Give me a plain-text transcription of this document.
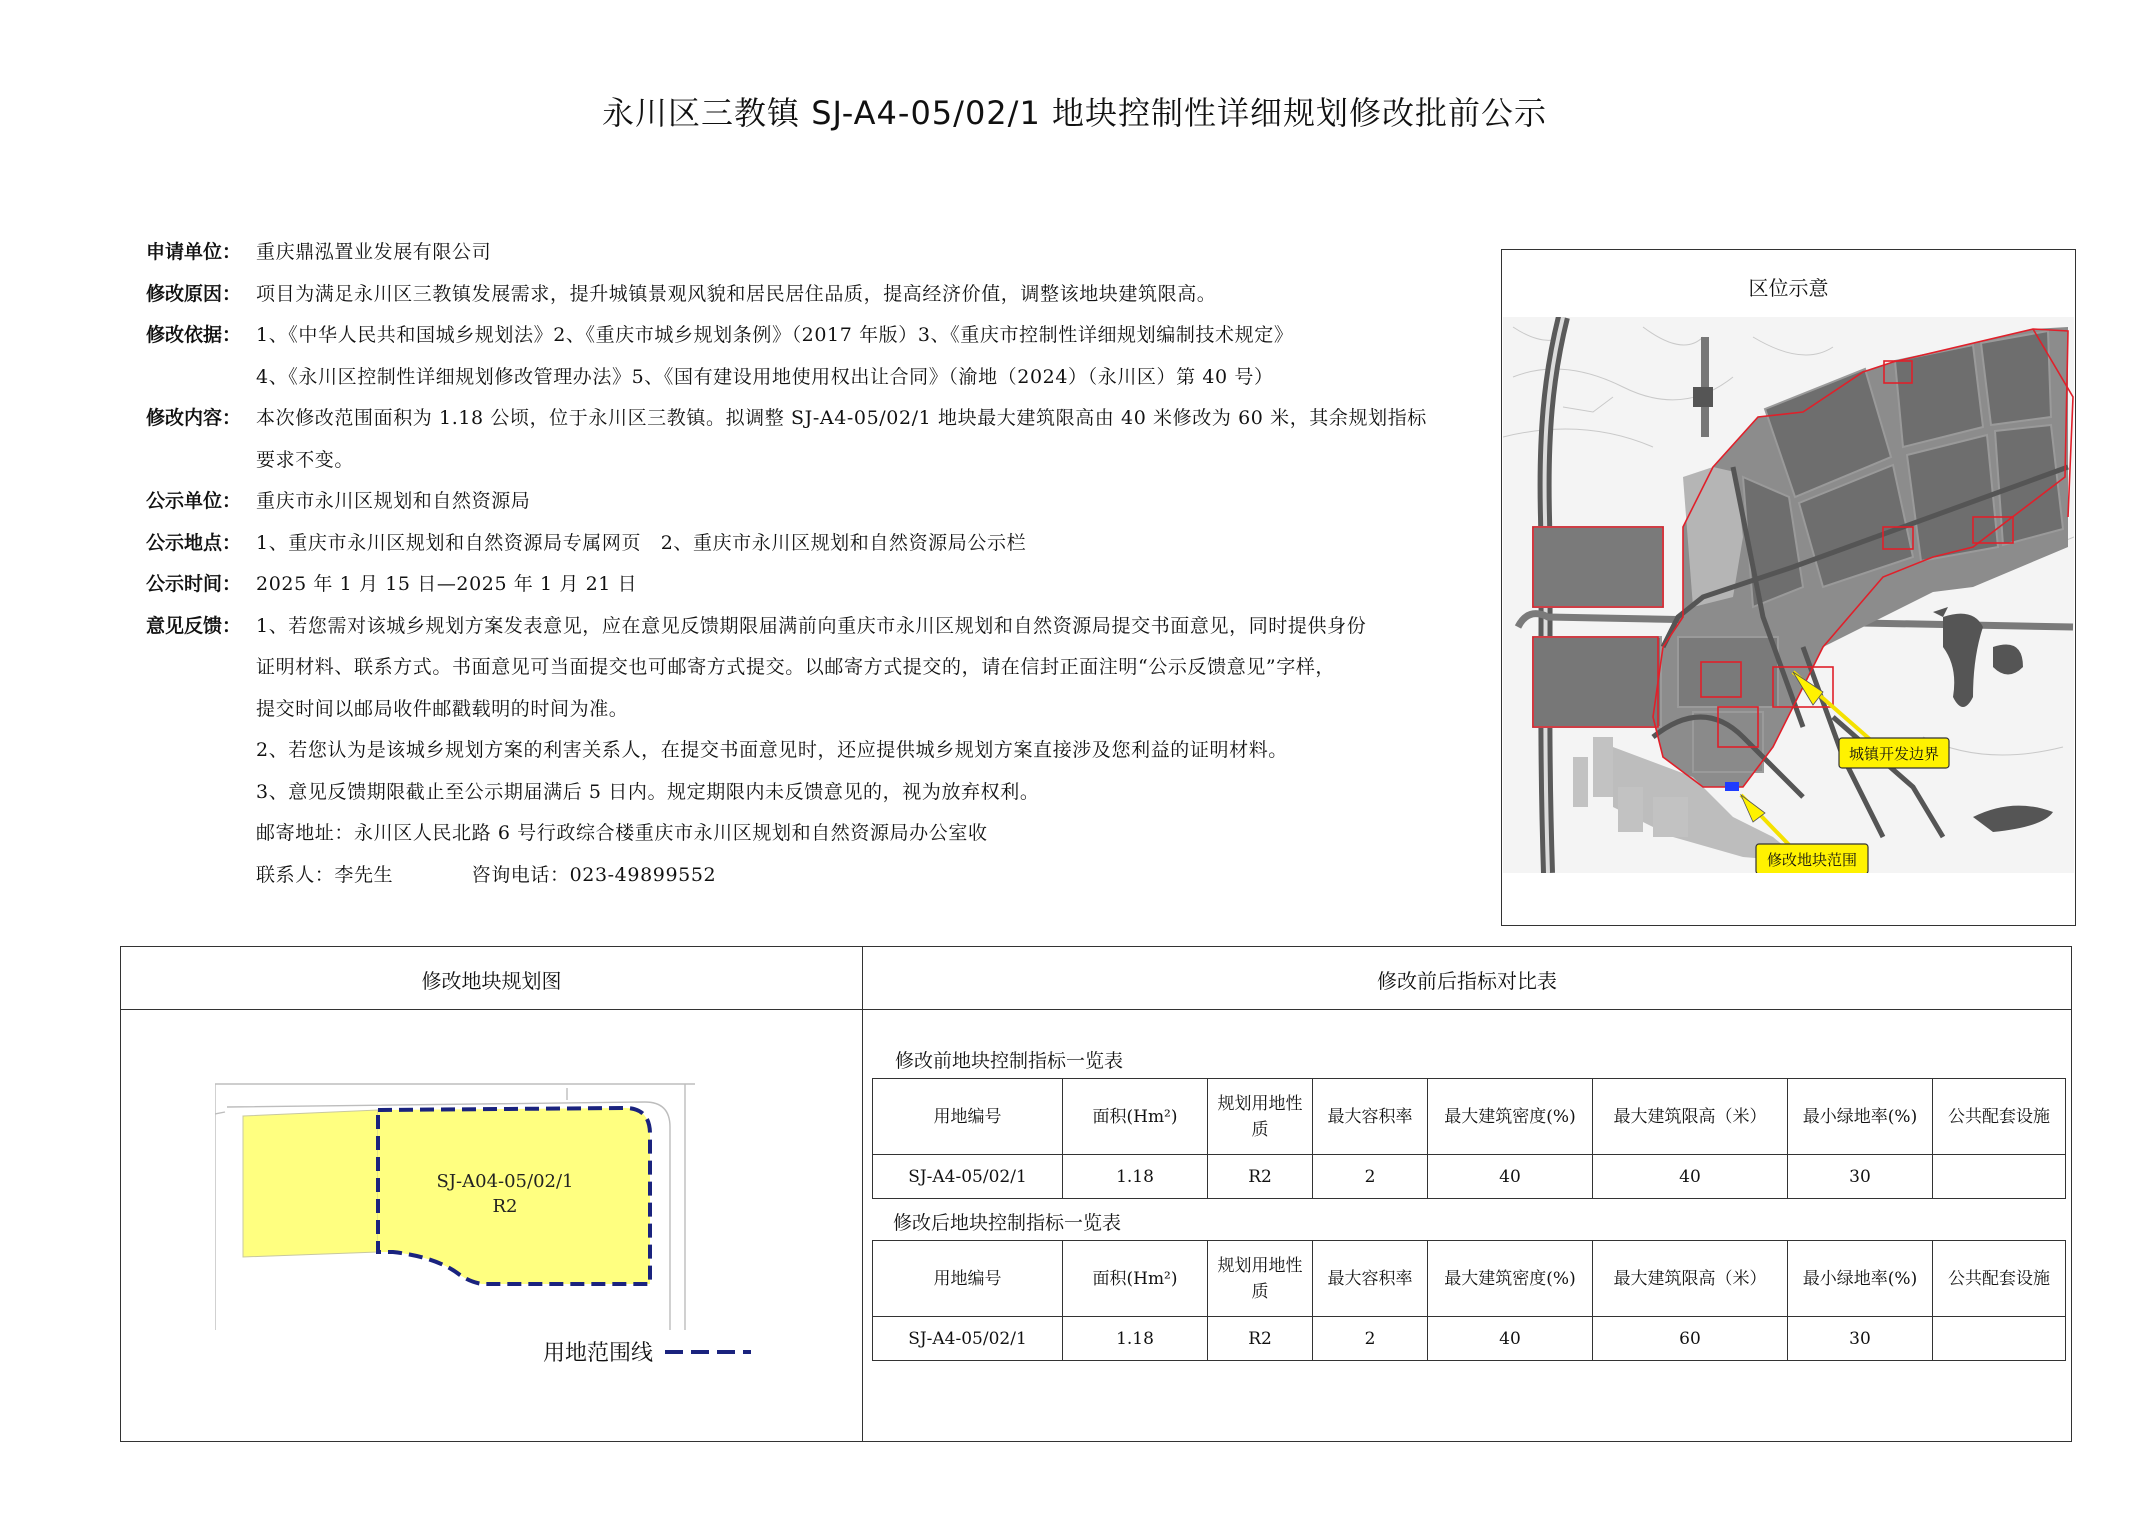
永川区三教镇 SJ-A4-05/02/1 地块控制性详细规划修改批前公示
申请单位： 重庆鼎泓置业发展有限公司
修改原因： 项目为满足永川区三教镇发展需求，提升城镇景观风貌和居民居住品质，提高经济价值，调整该地块建筑限高。
修改依据： 1、《中华人民共和国城乡规划法》2、《重庆市城乡规划条例》（2017 年版）3、《重庆市控制性详细规划编制技术规定》
4、《永川区控制性详细规划修改管理办法》5、《国有建设用地使用权出让合同》（渝地（2024）（永川区）第 40 号）
修改内容： 本次修改范围面积为 1.18 公顷，位于永川区三教镇。拟调整 SJ-A4-05/02/1 地块最大建筑限高由 40 米修改为 60 米，其余规划指标
要求不变。
公示单位： 重庆市永川区规划和自然资源局
公示地点： 1、重庆市永川区规划和自然资源局专属网页　2、重庆市永川区规划和自然资源局公示栏
公示时间： 2025 年 1 月 15 日—2025 年 1 月 21 日
意见反馈： 1、若您需对该城乡规划方案发表意见，应在意见反馈期限届满前向重庆市永川区规划和自然资源局提交书面意见，同时提供身份
证明材料、联系方式。书面意见可当面提交也可邮寄方式提交。以邮寄方式提交的，请在信封正面注明“公示反馈意见”字样，
提交时间以邮局收件邮戳载明的时间为准。
2、若您认为是该城乡规划方案的利害关系人，在提交书面意见时，还应提供城乡规划方案直接涉及您利益的证明材料。
3、意见反馈期限截止至公示期届满后 5 日内。规定期限内未反馈意见的，视为放弃权利。
邮寄地址：永川区人民北路 6 号行政综合楼重庆市永川区规划和自然资源局办公室收
联系人：李先生　　　　咨询电话：023-49899552
区位示意
城镇开发边界
修改地块范围
修改地块规划图	修改前后指标对比表
SJ-A04-05/02/1
R2
用地范围线
修改前地块控制指标一览表
用地编号	面积(Hm²)	规划用地性质	最大容积率	最大建筑密度(%)	最大建筑限高（米）	最小绿地率(%)	公共配套设施
SJ-A4-05/02/1	1.18	R2	2	40	40	30	
修改后地块控制指标一览表
用地编号	面积(Hm²)	规划用地性质	最大容积率	最大建筑密度(%)	最大建筑限高（米）	最小绿地率(%)	公共配套设施
SJ-A4-05/02/1	1.18	R2	2	40	60	30	
